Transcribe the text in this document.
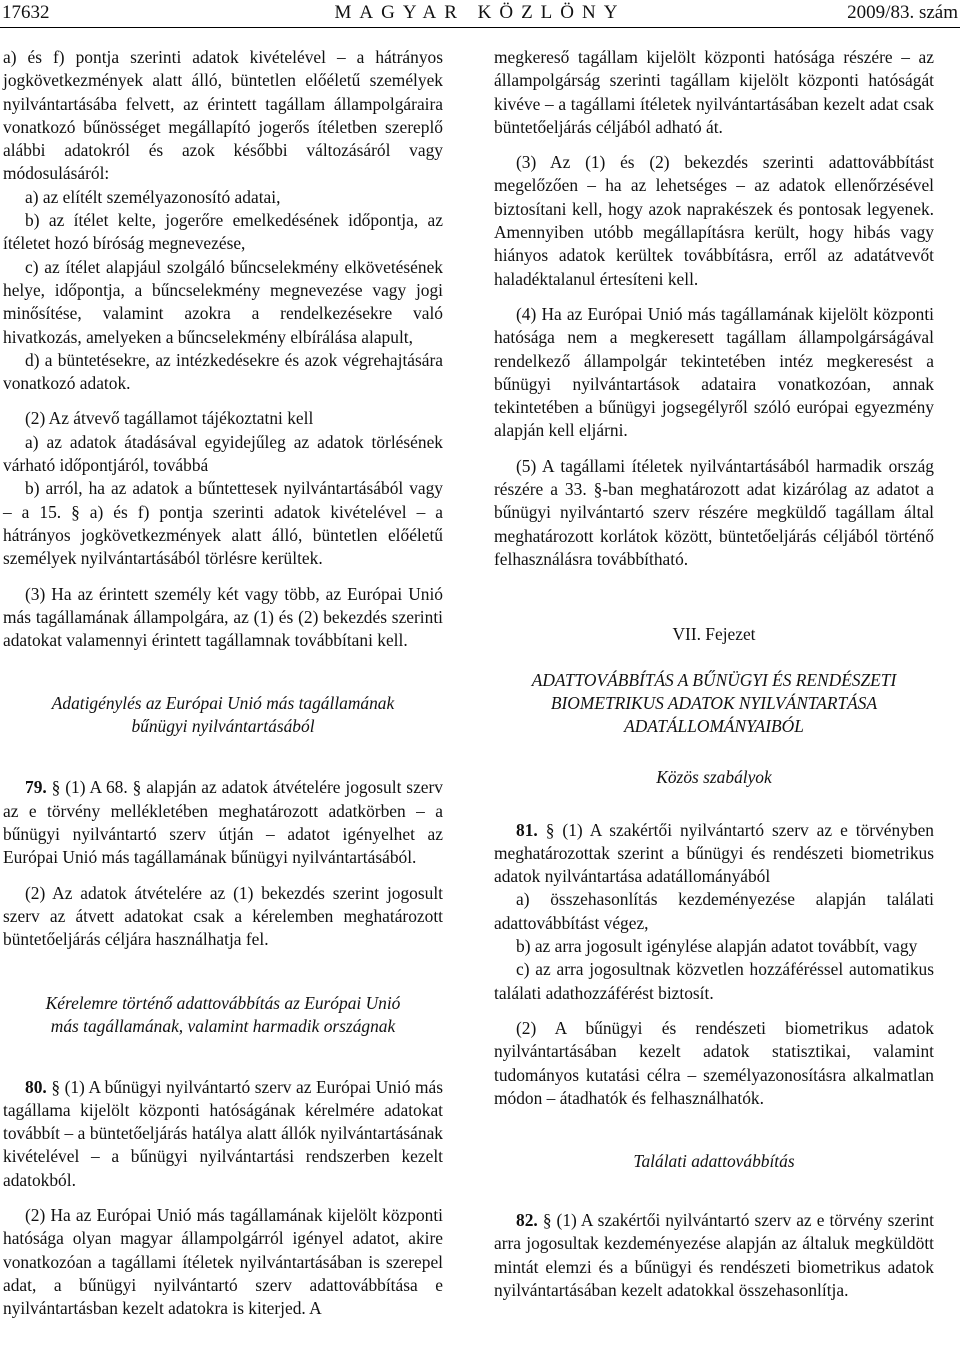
17632	MAGYAR KÖZLÖNY	2009/83. szám

a) és f) pontja szerinti adatok kivételével – a hátrányos jogkövetkezmények alatt álló, büntetlen előéletű személyek nyilvántartásába felvett, az érintett tagállam állampolgáraira vonatkozó bűnösséget megállapító jogerős ítéletben szereplő alábbi adatokról és azok későbbi változásáról vagy módosulásáról:

a) az elítélt személyazonosító adatai,

b) az ítélet kelte, jogerőre emelkedésének időpontja, az ítéletet hozó bíróság megnevezése,

c) az ítélet alapjául szolgáló bűncselekmény elkövetésének helye, időpontja, a bűncselekmény megnevezése vagy jogi minősítése, valamint azokra a rendelkezésekre való hivatkozás, amelyeken a bűncselekmény elbírálása alapult,

d) a büntetésekre, az intézkedésekre és azok végrehajtására vonatkozó adatok.

(2) Az átvevő tagállamot tájékoztatni kell

a) az adatok átadásával egyidejűleg az adatok törlésének várható időpontjáról, továbbá

b) arról, ha az adatok a bűntettesek nyilvántartásából vagy – a 15. § a) és f) pontja szerinti adatok kivételével – a hátrányos jogkövetkezmények alatt álló, büntetlen előéletű személyek nyilvántartásából törlésre kerültek.

(3) Ha az érintett személy két vagy több, az Európai Unió más tagállamának állampolgára, az (1) és (2) bekezdés szerinti adatokat valamennyi érintett tagállamnak továbbítani kell.

Adatigénylés az Európai Unió más tagállamának
bűnügyi nyilvántartásából

79. § (1) A 68. § alapján az adatok átvételére jogosult szerv az e törvény mellékletében meghatározott adatkörben – a bűnügyi nyilvántartó szerv útján – adatot igényelhet az Európai Unió más tagállamának bűnügyi nyilvántartásából.

(2) Az adatok átvételére az (1) bekezdés szerint jogosult szerv az átvett adatokat csak a kérelemben meghatározott büntetőeljárás céljára használhatja fel.

Kérelemre történő adattovábbítás az Európai Unió
más tagállamának, valamint harmadik országnak

80. § (1) A bűnügyi nyilvántartó szerv az Európai Unió más tagállama kijelölt központi hatóságának kérelmére adatokat továbbít – a büntetőeljárás hatálya alatt állók nyilvántartásának kivételével – a bűnügyi nyilvántartási rendszerben kezelt adatokból.

(2) Ha az Európai Unió más tagállamának kijelölt központi hatósága olyan magyar állampolgárról igényel adatot, akire vonatkozóan a tagállami ítéletek nyilvántartásában is szerepel adat, a bűnügyi nyilvántartó szerv adattovábbítása e nyilvántartásban kezelt adatokra is kiterjed. A

megkereső tagállam kijelölt központi hatósága részére – az állampolgárság szerinti tagállam kijelölt központi hatóságát kivéve – a tagállami ítéletek nyilvántartásában kezelt adat csak büntetőeljárás céljából adható át.

(3) Az (1) és (2) bekezdés szerinti adattovábbítást megelőzően – ha az lehetséges – az adatok ellenőrzésével biztosítani kell, hogy azok naprakészek és pontosak legyenek. Amennyiben utóbb megállapításra került, hogy hibás vagy hiányos adatok kerültek továbbításra, erről az adatátvevőt haladéktalanul értesíteni kell.

(4) Ha az Európai Unió más tagállamának kijelölt központi hatósága nem a megkeresett tagállam állampolgárságával rendelkező állampolgár tekintetében intéz megkeresést a bűnügyi nyilvántartások adataira vonatkozóan, annak tekintetében a bűnügyi jogsegélyről szóló európai egyezmény alapján kell eljárni.

(5) A tagállami ítéletek nyilvántartásából harmadik ország részére a 33. §-ban meghatározott adat kizárólag az adatot a bűnügyi nyilvántartó szerv részére megküldő tagállam által meghatározott korlátok között, büntetőeljárás céljából történő felhasználásra továbbítható.

VII. Fejezet
ADATTOVÁBBÍTÁS A BŰNÜGYI ÉS RENDÉSZETI
BIOMETRIKUS ADATOK NYILVÁNTARTÁSA
ADATÁLLOMÁNYAIBÓL
Közös szabályok

81. § (1) A szakértői nyilvántartó szerv az e törvényben meghatározottak szerint a bűnügyi és rendészeti biometrikus adatok nyilvántartása adatállományából

a) összehasonlítás kezdeményezése alapján találati adattovábbítást végez,

b) az arra jogosult igénylése alapján adatot továbbít, vagy

c) az arra jogosultnak közvetlen hozzáféréssel automatikus találati adathozzáférést biztosít.

(2) A bűnügyi és rendészeti biometrikus adatok nyilvántartásában kezelt adatok statisztikai, valamint tudományos kutatási célra – személyazonosításra alkalmatlan módon – átadhatók és felhasználhatók.

Találati adattovábbítás

82. § (1) A szakértői nyilvántartó szerv az e törvény szerint arra jogosultak kezdeményezése alapján az általuk megküldött mintát elemzi és a bűnügyi és rendészeti biometrikus adatok nyilvántartásában kezelt adatokkal összehasonlítja.
